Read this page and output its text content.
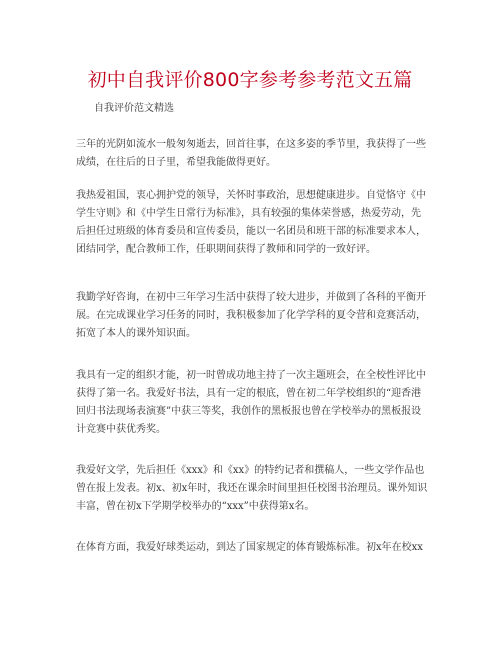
初中自我评价800字参考参考范文五篇
自我评价范文精选
三年的光阴如流水一般匆匆逝去，回首往事，在这多姿的季节里，我获得了一些
成绩，在往后的日子里，希望我能做得更好。
我热爱祖国，衷心拥护党的领导，关怀时事政治，思想健康进步。自觉恪守《中
学生守则》和《中学生日常行为标准》，具有较强的集体荣誉感，热爱劳动，先
后担任过班级的体育委员和宣传委员，能以一名团员和班干部的标准要求本人，
团结同学，配合教师工作，任职期间获得了教师和同学的一致好评。
我勤学好咨询，在初中三年学习生活中获得了较大进步，并做到了各科的平衡开
展。在完成课业学习任务的同时，我积极参加了化学学科的夏令营和竞赛活动，
拓宽了本人的课外知识面。
我具有一定的组织才能，初一时曾成功地主持了一次主题班会，在全校性评比中
获得了第一名。我爱好书法，具有一定的根底，曾在初二年学校组织的“迎香港
回归书法现场表演赛”中获三等奖，我创作的黑板报也曾在学校举办的黑板报设
计竞赛中获优秀奖。
我爱好文学，先后担任《xxx》和《xx》的特约记者和撰稿人，一些文学作品也
曾在报上发表。初x、初x年时，我还在课余时间里担任校图书治理员。课外知识
丰富，曾在初x下学期学校举办的“xxx”中获得第x名。
在体育方面，我爱好球类运动，到达了国家规定的体育锻炼标准。初x年在校xx
